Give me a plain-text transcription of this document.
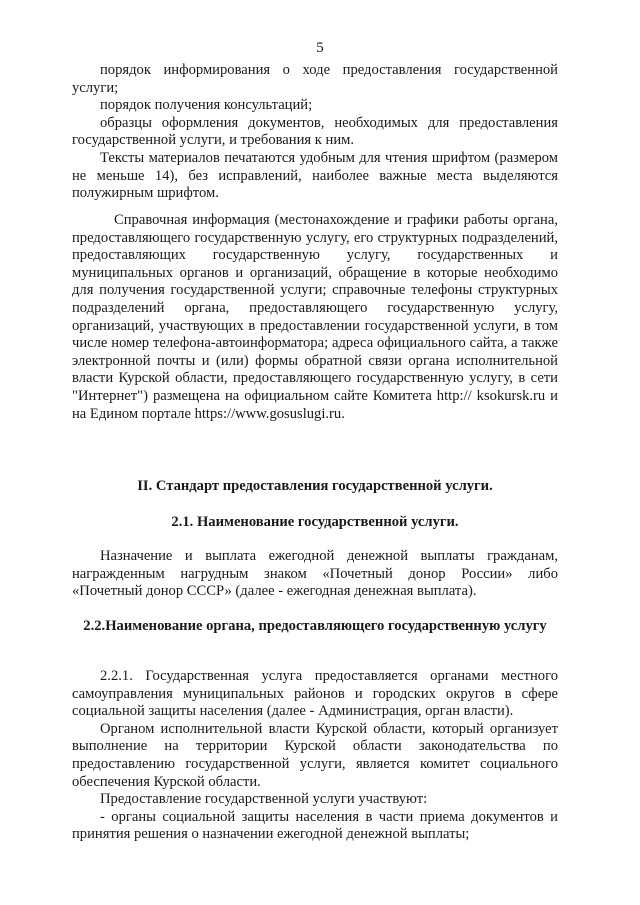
5

порядок информирования о ходе предоставления государственной услуги;

порядок получения консультаций;

образцы оформления документов, необходимых для предоставления государственной услуги, и требования к ним.

Тексты материалов печатаются удобным для чтения шрифтом (размером не меньше 14), без исправлений, наиболее важные места выделяются полужирным шрифтом.

Справочная информация (местонахождение и графики работы органа, предоставляющего государственную услугу, его структурных подразделений, предоставляющих государственную услугу, государственных и муниципальных органов и организаций, обращение в которые необходимо для получения государственной услуги; справочные телефоны структурных подразделений органа, предоставляющего государственную услугу, организаций, участвующих в предоставлении государственной услуги, в том числе номер телефона-автоинформатора; адреса официального сайта, а также электронной почты и (или) формы обратной связи органа исполнительной власти Курской области, предоставляющего государственную услугу, в сети "Интернет") размещена на официальном сайте Комитета http:// ksokursk.ru и на Едином портале https://www.gosuslugi.ru.

II. Стандарт предоставления государственной услуги.
2.1. Наименование государственной услуги.

Назначение и выплата ежегодной денежной выплаты гражданам, награжденным нагрудным знаком «Почетный донор России» либо «Почетный донор СССР» (далее - ежегодная денежная выплата).

2.2.Наименование органа, предоставляющего государственную услугу

2.2.1. Государственная услуга предоставляется органами местного самоуправления муниципальных районов и городских округов в сфере социальной защиты населения (далее - Администрация, орган власти).

Органом исполнительной власти Курской области, который организует выполнение на территории Курской области законодательства по предоставлению государственной услуги, является комитет социального обеспечения Курской области.

Предоставление государственной услуги участвуют:

- органы социальной защиты населения в части приема документов и принятия решения о назначении ежегодной денежной выплаты;
